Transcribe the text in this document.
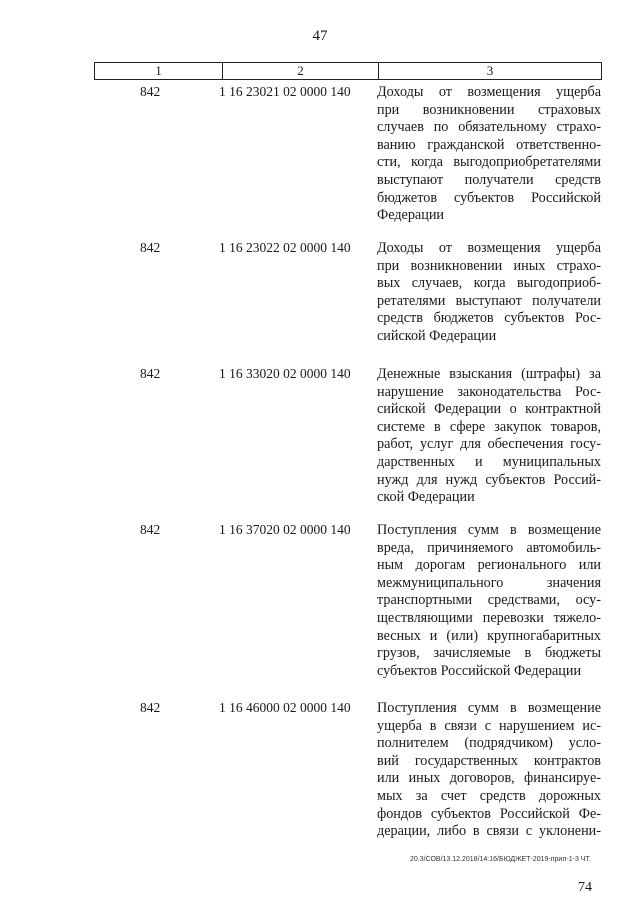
47
1	2	3
842	1 16 23021 02 0000 140	Доходы от возмещения ущерба
при возникновении страховых
случаев по обязательному страхо-
ванию гражданской ответственно-
сти, когда выгодоприобретателями
выступают получатели средств
бюджетов субъектов Российской
Федерации
842	1 16 23022 02 0000 140	Доходы от возмещения ущерба
при возникновении иных страхо-
вых случаев, когда выгодоприоб-
ретателями выступают получатели
средств бюджетов субъектов Рос-
сийской Федерации
842	1 16 33020 02 0000 140	Денежные взыскания (штрафы) за
нарушение законодательства Рос-
сийской Федерации о контрактной
системе в сфере закупок товаров,
работ, услуг для обеспечения госу-
дарственных и муниципальных
нужд для нужд субъектов Россий-
ской Федерации
842	1 16 37020 02 0000 140	Поступления сумм в возмещение
вреда, причиняемого автомобиль-
ным дорогам регионального или
межмуниципального значения
транспортными средствами, осу-
ществляющими перевозки тяжело-
весных и (или) крупногабаритных
грузов, зачисляемые в бюджеты
субъектов Российской Федерации
842	1 16 46000 02 0000 140	Поступления сумм в возмещение
ущерба в связи с нарушением ис-
полнителем (подрядчиком) усло-
вий государственных контрактов
или иных договоров, финансируе-
мых за счет средств дорожных
фондов субъектов Российской Фе-
дерации, либо в связи с уклонени-
20.3/СОВ/13.12.2018/14:16/БЮДЖЕТ-2019-прил-1-3 ЧТ.
74
